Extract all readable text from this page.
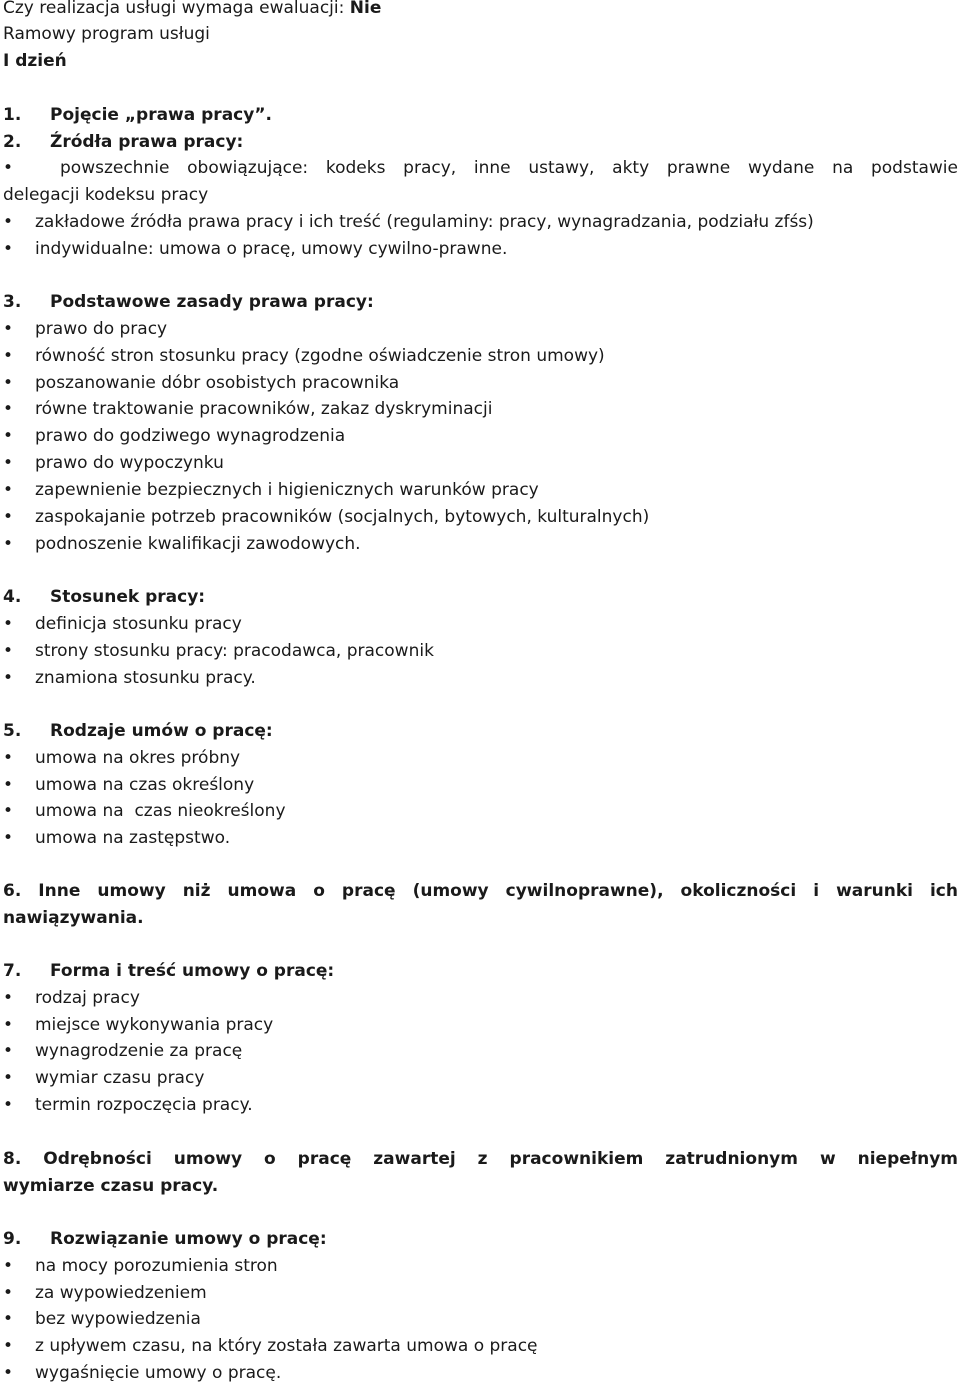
Czy realizacja usługi wymaga ewaluacji: Nie
Ramowy program usługi
I dzień
1. Pojęcie „prawa pracy”.
2. Źródła prawa pracy:
•	powszechnie obowiązujące: kodeks pracy, inne ustawy, akty prawne wydane na podstawie
delegacji kodeksu pracy
• zakładowe źródła prawa pracy i ich treść (regulaminy: pracy, wynagradzania, podziału zfśs)
• indywidualne: umowa o pracę, umowy cywilno-prawne.
3. Podstawowe zasady prawa pracy:
• prawo do pracy
• równość stron stosunku pracy (zgodne oświadczenie stron umowy)
• poszanowanie dóbr osobistych pracownika
• równe traktowanie pracowników, zakaz dyskryminacji
• prawo do godziwego wynagrodzenia
• prawo do wypoczynku
• zapewnienie bezpiecznych i higienicznych warunków pracy
• zaspokajanie potrzeb pracowników (socjalnych, bytowych, kulturalnych)
• podnoszenie kwalifikacji zawodowych.
4. Stosunek pracy:
• definicja stosunku pracy
• strony stosunku pracy: pracodawca, pracownik
• znamiona stosunku pracy.
5. Rodzaje umów o pracę:
• umowa na okres próbny
• umowa na czas określony
• umowa na  czas nieokreślony
• umowa na zastępstwo.
6. Inne umowy niż umowa o pracę (umowy cywilnoprawne), okoliczności i warunki ich
nawiązywania.
7. Forma i treść umowy o pracę:
• rodzaj pracy
• miejsce wykonywania pracy
• wynagrodzenie za pracę
• wymiar czasu pracy
• termin rozpoczęcia pracy.
8. Odrębności umowy o pracę zawartej z pracownikiem zatrudnionym w niepełnym
wymiarze czasu pracy.
9. Rozwiązanie umowy o pracę:
• na mocy porozumienia stron
• za wypowiedzeniem
• bez wypowiedzenia
• z upływem czasu, na który została zawarta umowa o pracę
• wygaśnięcie umowy o pracę.
